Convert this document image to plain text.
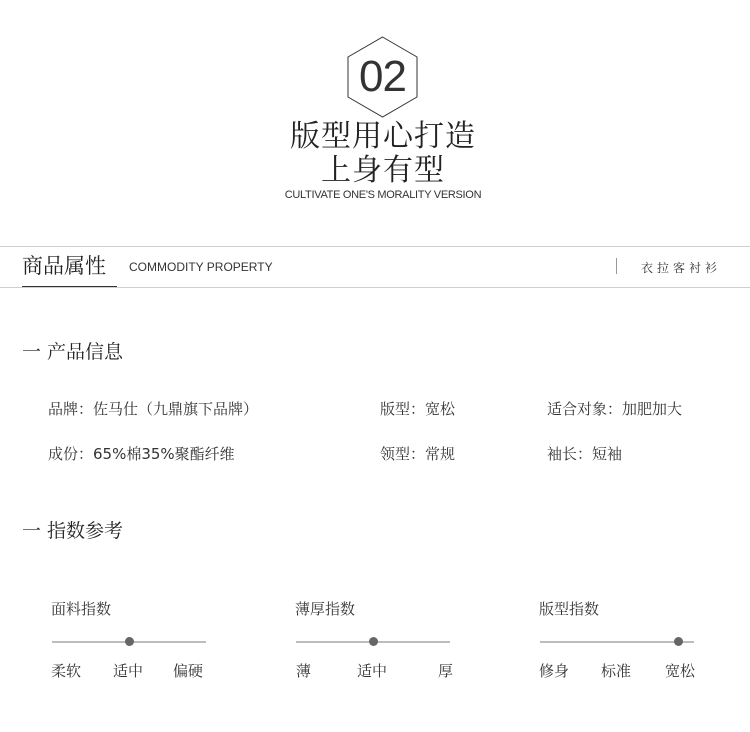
02
版型用心打造
上身有型
CULTIVATE ONE'S MORALITY VERSION
商品属性 COMMODITY PROPERTY	衣拉客衬衫
一 产品信息
品牌：佐马仕（九鼎旗下品牌）	版型：宽松	适合对象：加肥加大
成份：65%棉35%聚酯纤维	领型：常规	袖长：短袖
一 指数参考
面料指数
柔软 适中 偏硬
薄厚指数
薄	适中	厚
版型指数
修身 标准 宽松
